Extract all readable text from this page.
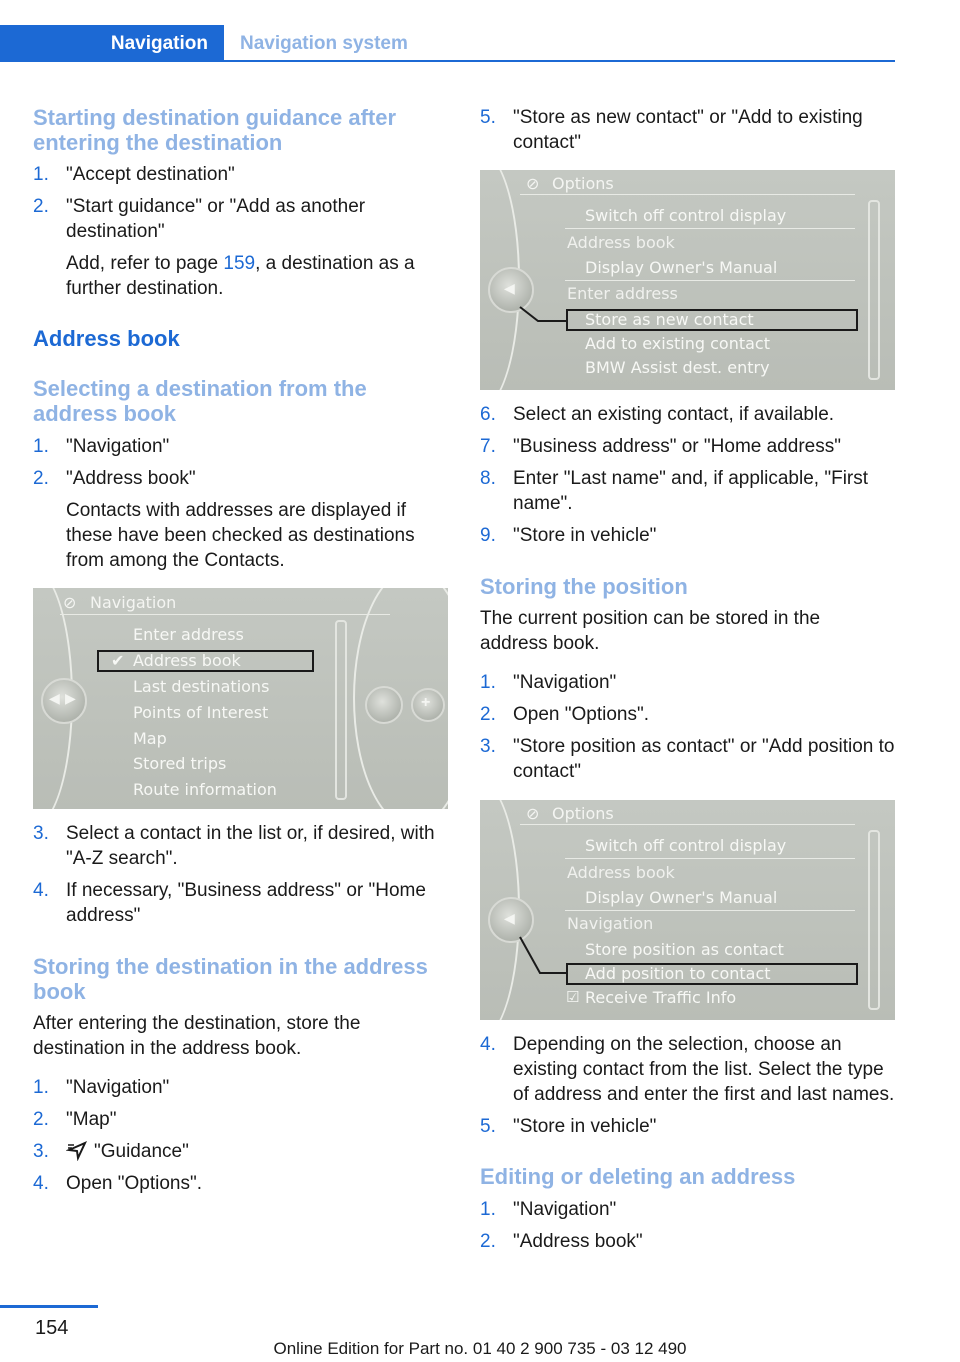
Navigation	Navigation system
Starting destination guidance after entering the destination
1. "Accept destination"
2. "Start guidance" or "Add as another destination"
Add, refer to page 159, a destination as a further destination.
Address book
Selecting a destination from the address book
1. "Navigation"
2. "Address book"
Contacts with addresses are displayed if these have been checked as destinations from among the Contacts.
◀ ▶
⊘ Navigation
Enter address
✔ Address book
Last destinations
Points of Interest
Map
Stored trips
Route information
+
3. Select a contact in the list or, if desired, with "A-Z search".
4. If necessary, "Business address" or "Home address"
Storing the destination in the address book
After entering the destination, store the destination in the address book.
1. "Navigation"
2. "Map"
3. "Guidance"
4. Open "Options".
5. "Store as new contact" or "Add to existing contact"
◀
⊘ Options
Switch off control display
Address book
Display Owner's Manual
Enter address
Store as new contact
Add to existing contact
BMW Assist dest. entry
6. Select an existing contact, if available.
7. "Business address" or "Home address"
8. Enter "Last name" and, if applicable, "First name".
9. "Store in vehicle"
Storing the position
The current position can be stored in the address book.
1. "Navigation"
2. Open "Options".
3. "Store position as contact" or "Add position to contact"
◀
⊘ Options
Switch off control display
Address book
Display Owner's Manual
Navigation
Store position as contact
Add position to contact
☑ Receive Traffic Info
4. Depending on the selection, choose an existing contact from the list. Select the type of address and enter the first and last names.
5. "Store in vehicle"
Editing or deleting an address
1. "Navigation"
2. "Address book"
154
Online Edition for Part no. 01 40 2 900 735 - 03 12 490
